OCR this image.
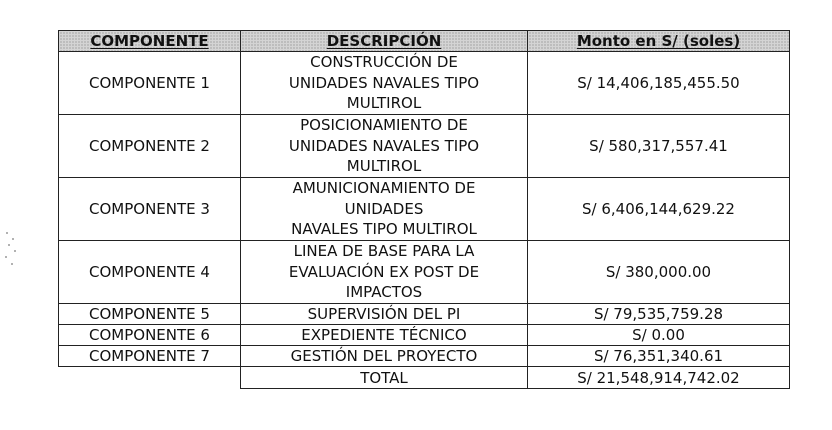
COMPONENTE	DESCRIPCIÓN	Monto en S/ (soles)
COMPONENTE 1	CONSTRUCCIÓN DE
UNIDADES NAVALES TIPO
MULTIROL	S/ 14,406,185,455.50
COMPONENTE 2	POSICIONAMIENTO DE
UNIDADES NAVALES TIPO
MULTIROL	S/ 580,317,557.41
COMPONENTE 3	AMUNICIONAMIENTO DE
UNIDADES
NAVALES TIPO MULTIROL	S/ 6,406,144,629.22
COMPONENTE 4	LINEA DE BASE PARA LA
EVALUACIÓN EX POST DE
IMPACTOS	S/ 380,000.00
COMPONENTE 5	SUPERVISIÓN DEL PI	S/ 79,535,759.28
COMPONENTE 6	EXPEDIENTE TÉCNICO	S/ 0.00
COMPONENTE 7	GESTIÓN DEL PROYECTO	S/ 76,351,340.61
	TOTAL	S/ 21,548,914,742.02
